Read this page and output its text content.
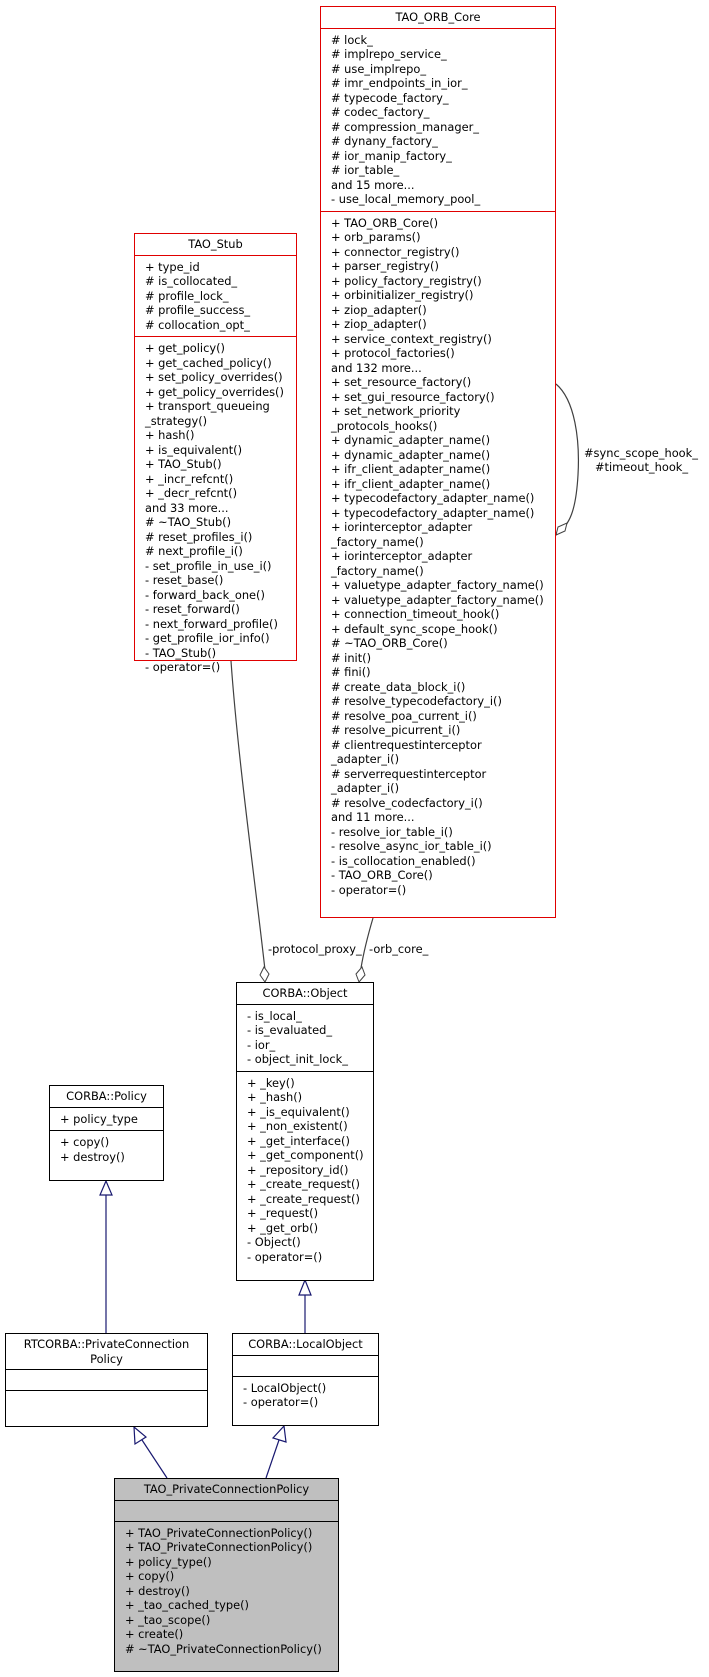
TAO_ORB_Core
# lock_
# implrepo_service_
# use_implrepo_
# imr_endpoints_in_ior_
# typecode_factory_
# codec_factory_
# compression_manager_
# dynany_factory_
# ior_manip_factory_
# ior_table_
and 15 more...
- use_local_memory_pool_
+ TAO_ORB_Core()
+ orb_params()
+ connector_registry()
+ parser_registry()
+ policy_factory_registry()
+ orbinitializer_registry()
+ ziop_adapter()
+ ziop_adapter()
+ service_context_registry()
+ protocol_factories()
and 132 more...
+ set_resource_factory()
+ set_gui_resource_factory()
+ set_network_priority
_protocols_hooks()
+ dynamic_adapter_name()
+ dynamic_adapter_name()
+ ifr_client_adapter_name()
+ ifr_client_adapter_name()
+ typecodefactory_adapter_name()
+ typecodefactory_adapter_name()
+ iorinterceptor_adapter
_factory_name()
+ iorinterceptor_adapter
_factory_name()
+ valuetype_adapter_factory_name()
+ valuetype_adapter_factory_name()
+ connection_timeout_hook()
+ default_sync_scope_hook()
# ~TAO_ORB_Core()
# init()
# fini()
# create_data_block_i()
# resolve_typecodefactory_i()
# resolve_poa_current_i()
# resolve_picurrent_i()
# clientrequestinterceptor
_adapter_i()
# serverrequestinterceptor
_adapter_i()
# resolve_codecfactory_i()
and 11 more...
- resolve_ior_table_i()
- resolve_async_ior_table_i()
- is_collocation_enabled()
- TAO_ORB_Core()
- operator=()
TAO_Stub
+ type_id
# is_collocated_
# profile_lock_
# profile_success_
# collocation_opt_
+ get_policy()
+ get_cached_policy()
+ set_policy_overrides()
+ get_policy_overrides()
+ transport_queueing
_strategy()
+ hash()
+ is_equivalent()
+ TAO_Stub()
+ _incr_refcnt()
+ _decr_refcnt()
and 33 more...
# ~TAO_Stub()
# reset_profiles_i()
# next_profile_i()
- set_profile_in_use_i()
- reset_base()
- forward_back_one()
- reset_forward()
- next_forward_profile()
- get_profile_ior_info()
- TAO_Stub()
- operator=()
CORBA::Object
- is_local_
- is_evaluated_
- ior_
- object_init_lock_
+ _key()
+ _hash()
+ _is_equivalent()
+ _non_existent()
+ _get_interface()
+ _get_component()
+ _repository_id()
+ _create_request()
+ _create_request()
+ _request()
+ _get_orb()
- Object()
- operator=()
CORBA::Policy
+ policy_type
+ copy()
+ destroy()
RTCORBA::PrivateConnection
Policy
CORBA::LocalObject
- LocalObject()
- operator=()
TAO_PrivateConnectionPolicy
+ TAO_PrivateConnectionPolicy()
+ TAO_PrivateConnectionPolicy()
+ policy_type()
+ copy()
+ destroy()
+ _tao_cached_type()
+ _tao_scope()
+ create()
# ~TAO_PrivateConnectionPolicy()
#sync_scope_hook_
#timeout_hook_
-protocol_proxy_ -orb_core_
